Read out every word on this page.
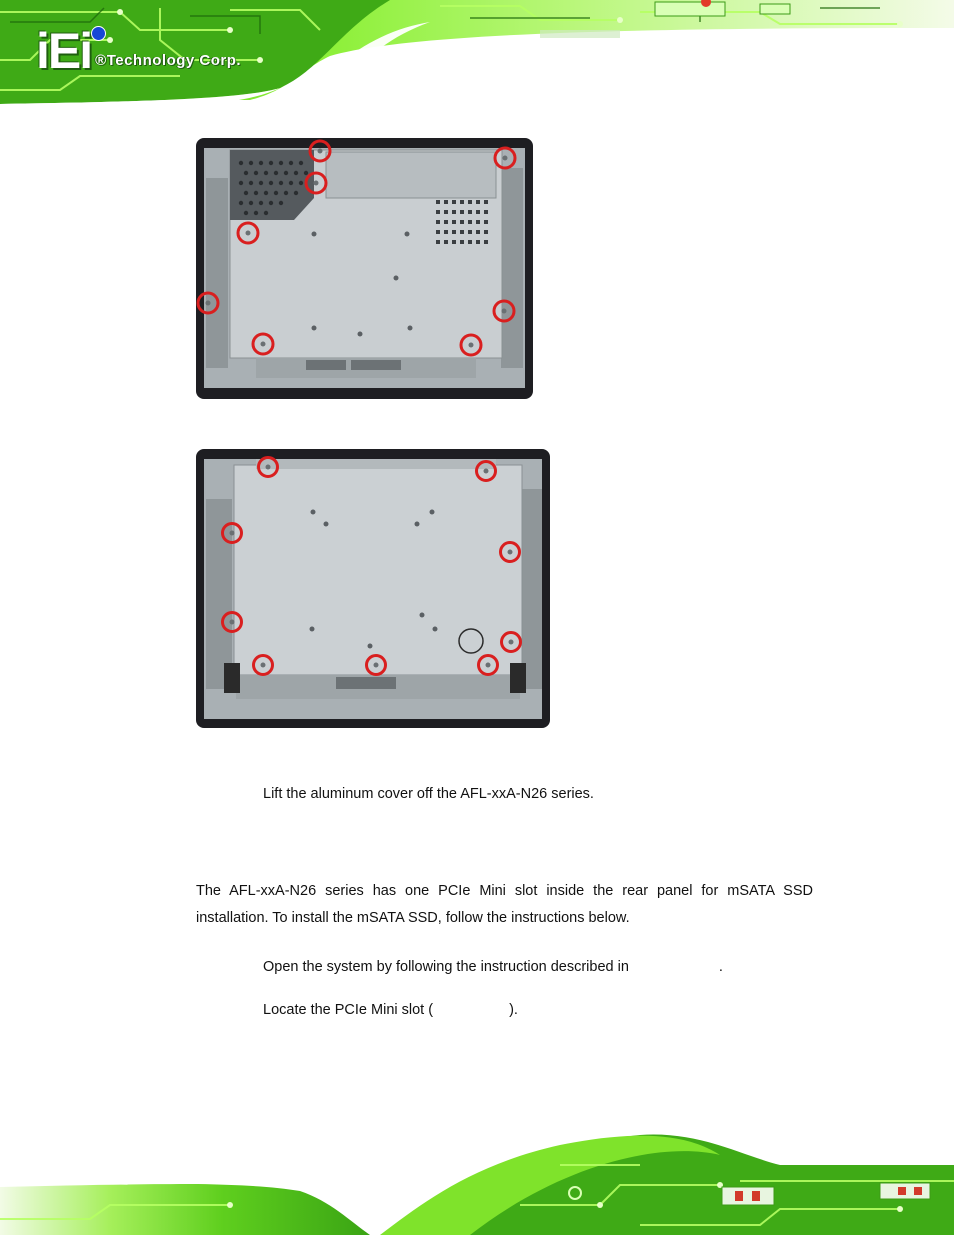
iEi ®Technology Corp.
Lift the aluminum cover off the AFL-xxA-N26 series.
The AFL-xxA-N26 series has one PCIe Mini slot inside the rear panel for mSATA SSD installation. To install the mSATA SSD, follow the instructions below.
Open the system by following the instruction described in	.
Locate the PCIe Mini slot (	).
